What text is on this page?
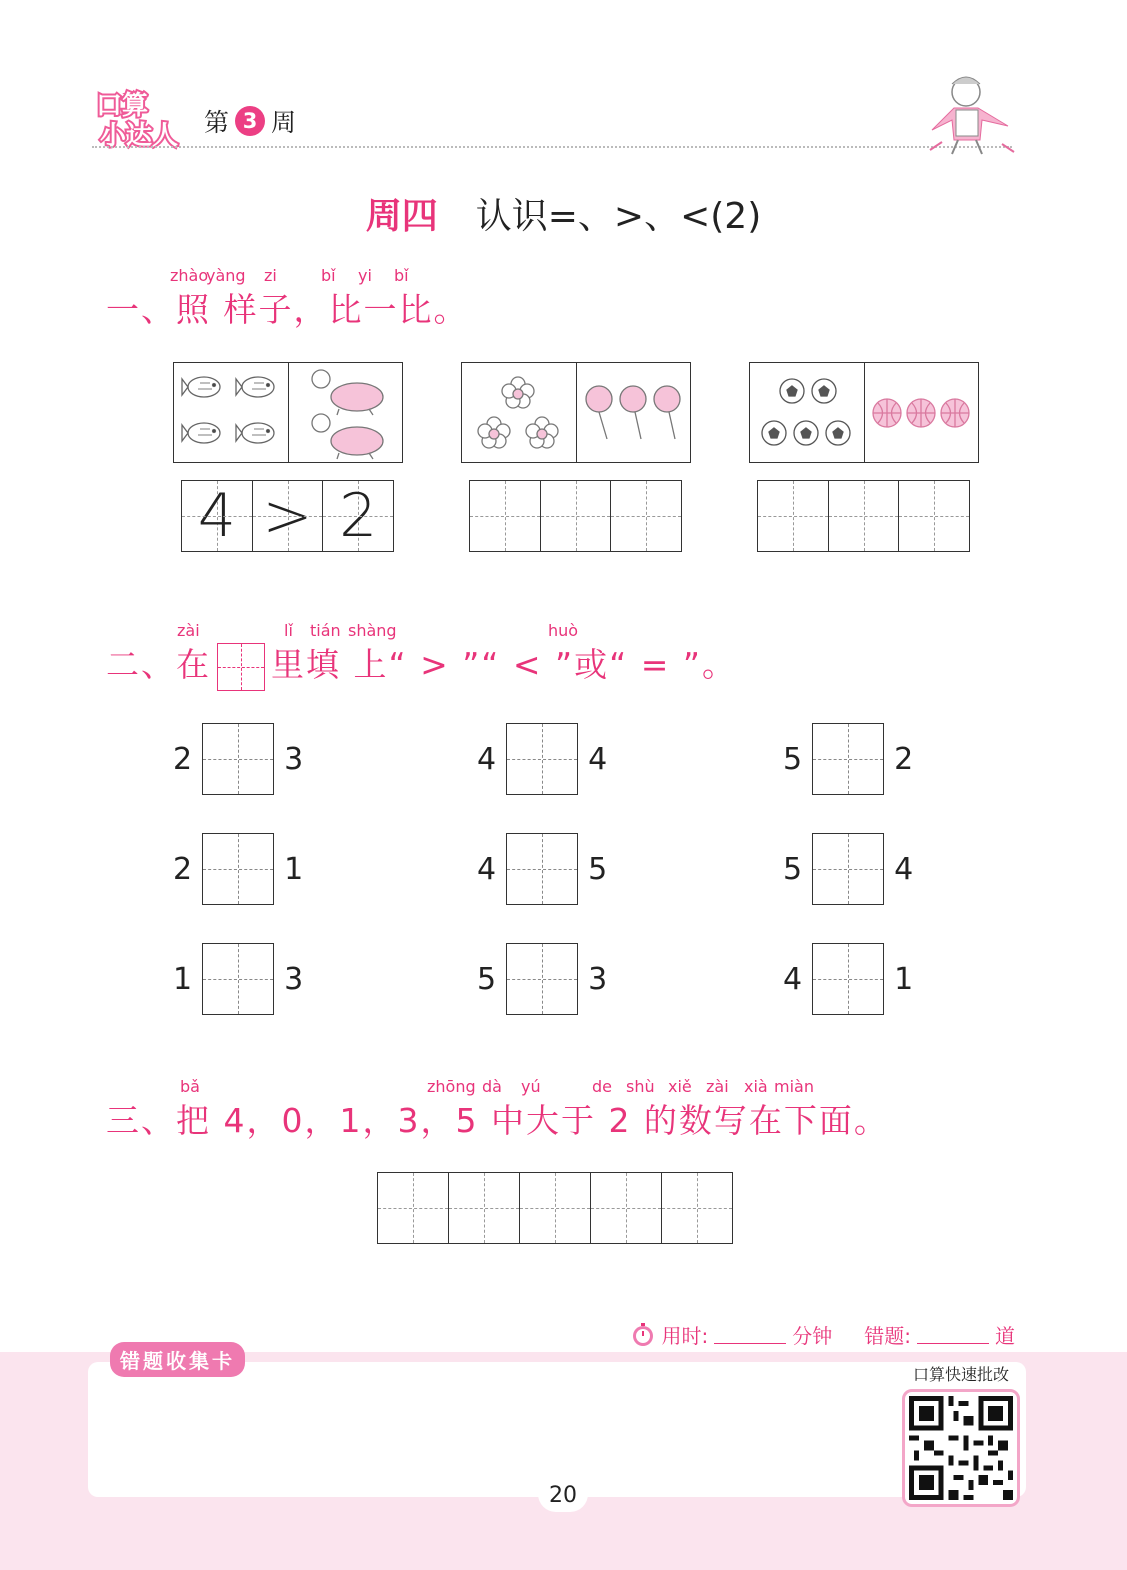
口算
小达人 第 3 周
周四 认识=、>、<(2)
zhào
yàng zi	bǐ yi bǐ
一、照 样子，比一比。
4 > 2
zài	lǐ tián shàng	huò
二、在 里填 上“ > ”“ < ”或“ = ”。
2	3	4	4	5	2
2	1	4	5	5	4
1	3	5	3	4	1
bǎ	zhōng dà yú	de shù xiě zài xià miàn
三、把 4，0，1，3，5 中大于 2 的数写在下面。
用时:	分钟 错题:	道
错题收集卡
口算快速批改
20
